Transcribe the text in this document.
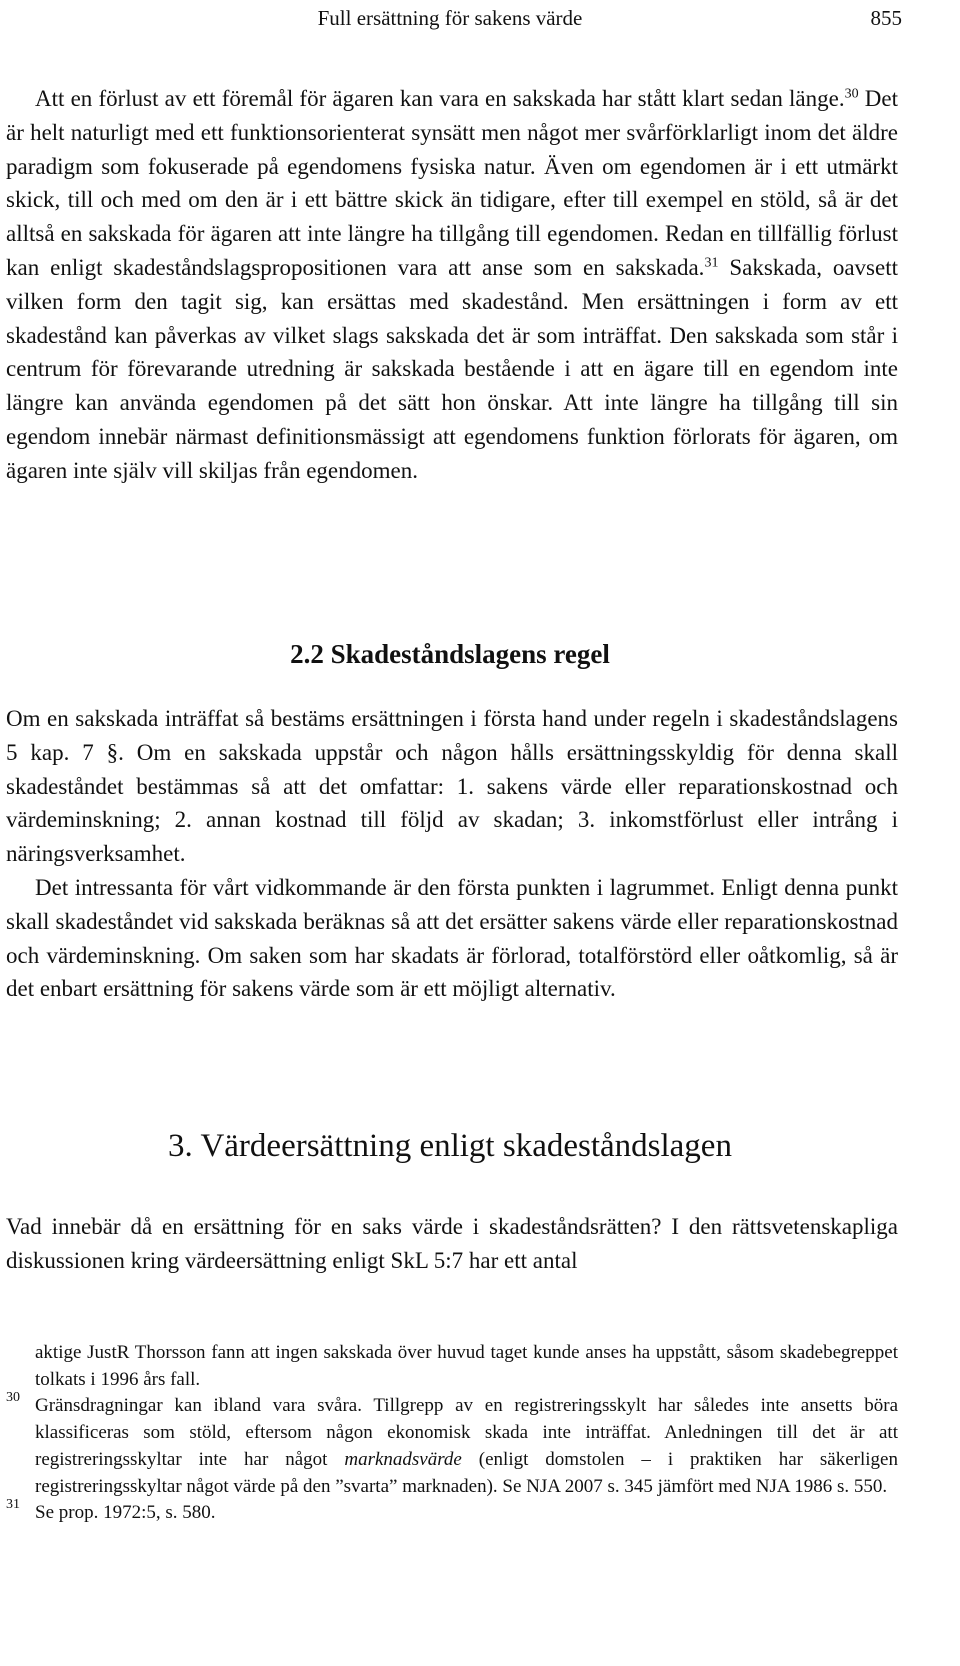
Full ersättning för sakens värde	855

Att en förlust av ett föremål för ägaren kan vara en sakskada har stått klart sedan länge.$^{30}$ Det är helt naturligt med ett funktionsorienterat synsätt men något mer svårförklarligt inom det äldre paradigm som fokuserade på egendomens fysiska natur. Även om egendomen är i ett utmärkt skick, till och med om den är i ett bättre skick än tidigare, efter till exempel en stöld, så är det alltså en sakskada för ägaren att inte längre ha tillgång till egendomen. Redan en tillfällig förlust kan enligt skadeståndslagspropositionen vara att anse som en sakskada.$^{31}$ Sakskada, oavsett vilken form den tagit sig, kan ersättas med skadestånd. Men ersättningen i form av ett skadestånd kan påverkas av vilket slags sakskada det är som inträffat. Den sakskada som står i centrum för förevarande utredning är sakskada bestående i att en ägare till en egendom inte längre kan använda egendomen på det sätt hon önskar. Att inte längre ha tillgång till sin egendom innebär närmast definitionsmässigt att egendomens funktion förlorats för ägaren, om ägaren inte själv vill skiljas från egendomen.

2.2 Skadeståndslagens regel

Om en sakskada inträffat så bestäms ersättningen i första hand under regeln i skadeståndslagens 5 kap. 7 §. Om en sakskada uppstår och någon hålls ersättningsskyldig för denna skall skadeståndet bestämmas så att det omfattar: 1. sakens värde eller reparationskostnad och värdeminskning; 2. annan kostnad till följd av skadan; 3. inkomstförlust eller intrång i näringsverksamhet.

Det intressanta för vårt vidkommande är den första punkten i lagrummet. Enligt denna punkt skall skadeståndet vid sakskada beräknas så att det ersätter sakens värde eller reparationskostnad och värdeminskning. Om saken som har skadats är förlorad, totalförstörd eller oåtkomlig, så är det enbart ersättning för sakens värde som är ett möjligt alternativ.

3. Värdeersättning enligt skadeståndslagen

Vad innebär då en ersättning för en saks värde i skadeståndsrätten? I den rättsvetenskapliga diskussionen kring värdeersättning enligt SkL 5:7 har ett antal

aktige JustR Thorsson fann att ingen sakskada över huvud taget kunde anses ha uppstått, såsom skadebegreppet tolkats i 1996 års fall.
30 Gränsdragningar kan ibland vara svåra. Tillgrepp av en registreringsskylt har således inte ansetts böra klassificeras som stöld, eftersom någon ekonomisk skada inte inträffat. Anledningen till det är att registreringsskyltar inte har något marknadsvärde (enligt domstolen – i praktiken har säkerligen registreringsskyltar något värde på den ”svarta” marknaden). Se NJA 2007 s. 345 jämfört med NJA 1986 s. 550.
31 Se prop. 1972:5, s. 580.
